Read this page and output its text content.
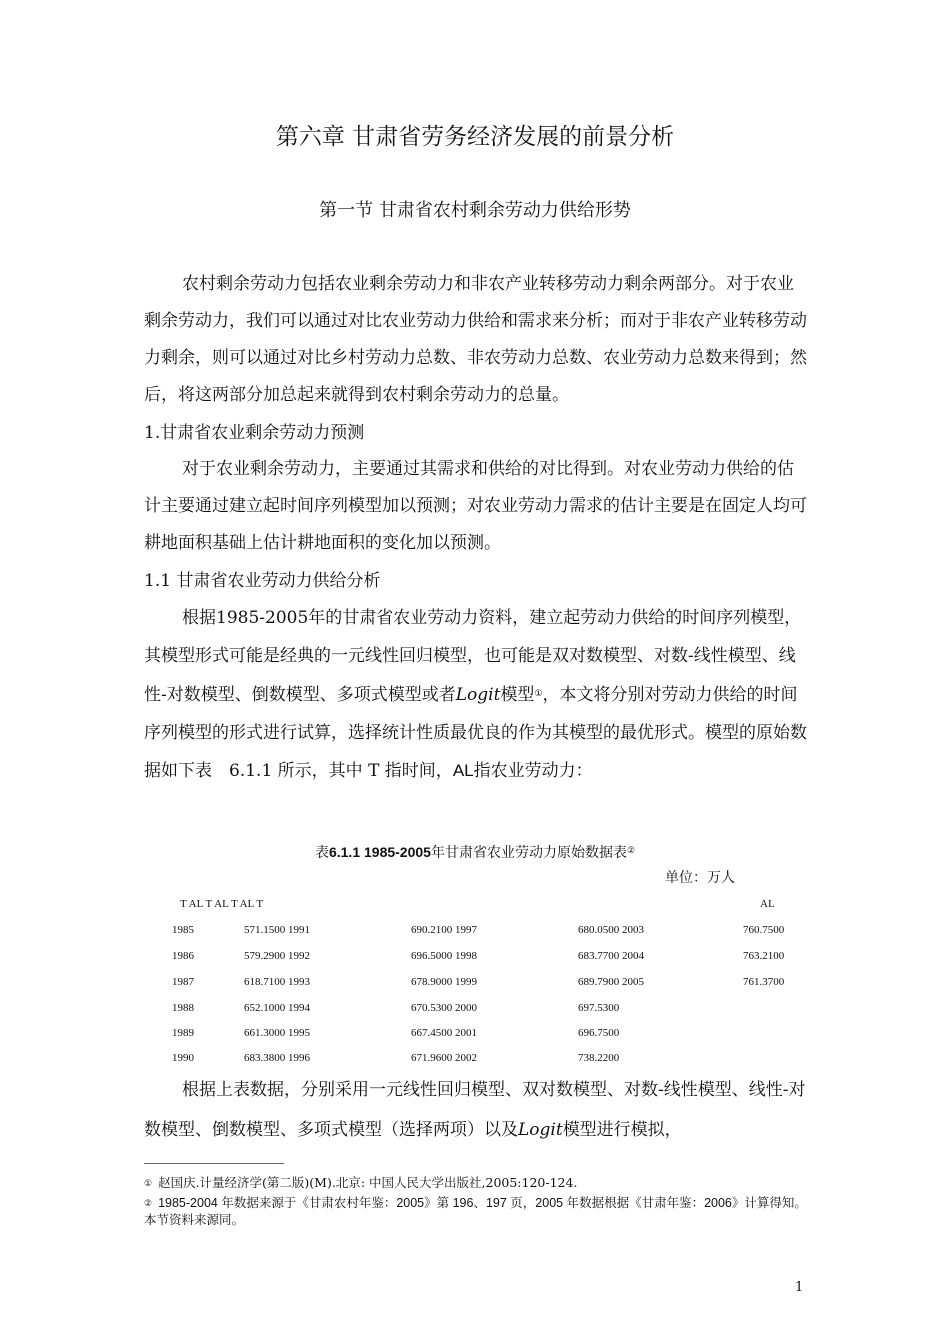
第六章 甘肃省劳务经济发展的前景分析
第一节 甘肃省农村剩余劳动力供给形势

农村剩余劳动力包括农业剩余劳动力和非农产业转移劳动力剩余两部分。对于农业剩余劳动力，我们可以通过对比农业劳动力供给和需求来分析；而对于非农产业转移劳动力剩余，则可以通过对比乡村劳动力总数、非农劳动力总数、农业劳动力总数来得到；然后，将这两部分加总起来就得到农村剩余劳动力的总量。

1.甘肃省农业剩余劳动力预测

对于农业剩余劳动力，主要通过其需求和供给的对比得到。对农业劳动力供给的估计主要通过建立起时间序列模型加以预测；对农业劳动力需求的估计主要是在固定人均可耕地面积基础上估计耕地面积的变化加以预测。

1.1 甘肃省农业劳动力供给分析

根据1985-2005年的甘肃省农业劳动力资料，建立起劳动力供给的时间序列模型，其模型形式可能是经典的一元线性回归模型，也可能是双对数模型、对数-线性模型、线性-对数模型、倒数模型、多项式模型或者Logit模型①，本文将分别对劳动力供给的时间序列模型的形式进行试算，选择统计性质最优良的作为其模型的最优形式。模型的原始数据如下表　6.1.1 所示，其中 T 指时间，AL指农业劳动力：

表6.1.1 1985-2005年甘肃省农业劳动力原始数据表②
单位：万人
T AL T AL T AL T	AL
1985	571.1500 1991	690.2100 1997	680.0500 2003	760.7500
1986	579.2900 1992	696.5000 1998	683.7700 2004	763.2100
1987	618.7100 1993	678.9000 1999	689.7900 2005	761.3700
1988	652.1000 1994	670.5300 2000	697.5300
1989	661.3000 1995	667.4500 2001	696.7500
1990	683.3800 1996	671.9600 2002	738.2200

根据上表数据，分别采用一元线性回归模型、双对数模型、对数-线性模型、线性-对数模型、倒数模型、多项式模型（选择两项）以及Logit模型进行模拟，

① 赵国庆.计量经济学(第二版)(M).北京: 中国人民大学出版社,2005:120-124.
② 1985-2004 年数据来源于《甘肃农村年鉴：2005》第 196、197 页，2005 年数据根据《甘肃年鉴：2006》计算得知。本节资料来源同。
1
